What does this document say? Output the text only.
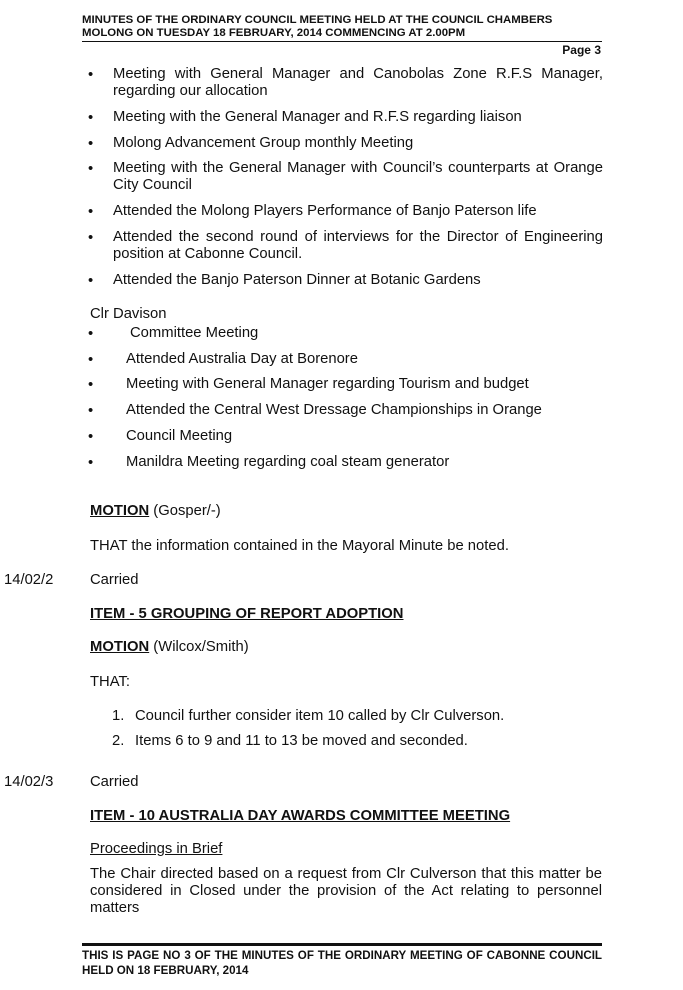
MINUTES OF THE ORDINARY COUNCIL MEETING HELD AT THE COUNCIL CHAMBERS
MOLONG ON TUESDAY 18 FEBRUARY, 2014 COMMENCING AT 2.00PM
Page 3
• Meeting with General Manager and Canobolas Zone R.F.S Manager, regarding our allocation
• Meeting with the General Manager and R.F.S regarding liaison
• Molong Advancement Group monthly Meeting
• Meeting with the General Manager with Council’s counterparts at Orange City Council
• Attended the Molong Players Performance of Banjo Paterson life
• Attended the second round of interviews for the Director of Engineering position at Cabonne Council.
• Attended the Banjo Paterson Dinner at Botanic Gardens
Clr Davison
• Committee Meeting
• Attended Australia Day at Borenore
• Meeting with General Manager regarding Tourism and budget
• Attended the Central West Dressage Championships in Orange
• Council Meeting
• Manildra Meeting regarding coal steam generator
MOTION (Gosper/-)
THAT the information contained in the Mayoral Minute be noted.
14/02/2 Carried
ITEM - 5 GROUPING OF REPORT ADOPTION
MOTION (Wilcox/Smith)
THAT:
1. Council further consider item 10 called by Clr Culverson.
2. Items 6 to 9 and 11 to 13 be moved and seconded.
14/02/3 Carried
ITEM - 10 AUSTRALIA DAY AWARDS COMMITTEE MEETING
Proceedings in Brief
The Chair directed based on a request from Clr Culverson that this matter be considered in Closed under the provision of the Act relating to personnel matters
THIS IS PAGE NO 3 OF THE MINUTES OF THE ORDINARY MEETING OF CABONNE COUNCIL HELD ON 18 FEBRUARY, 2014
